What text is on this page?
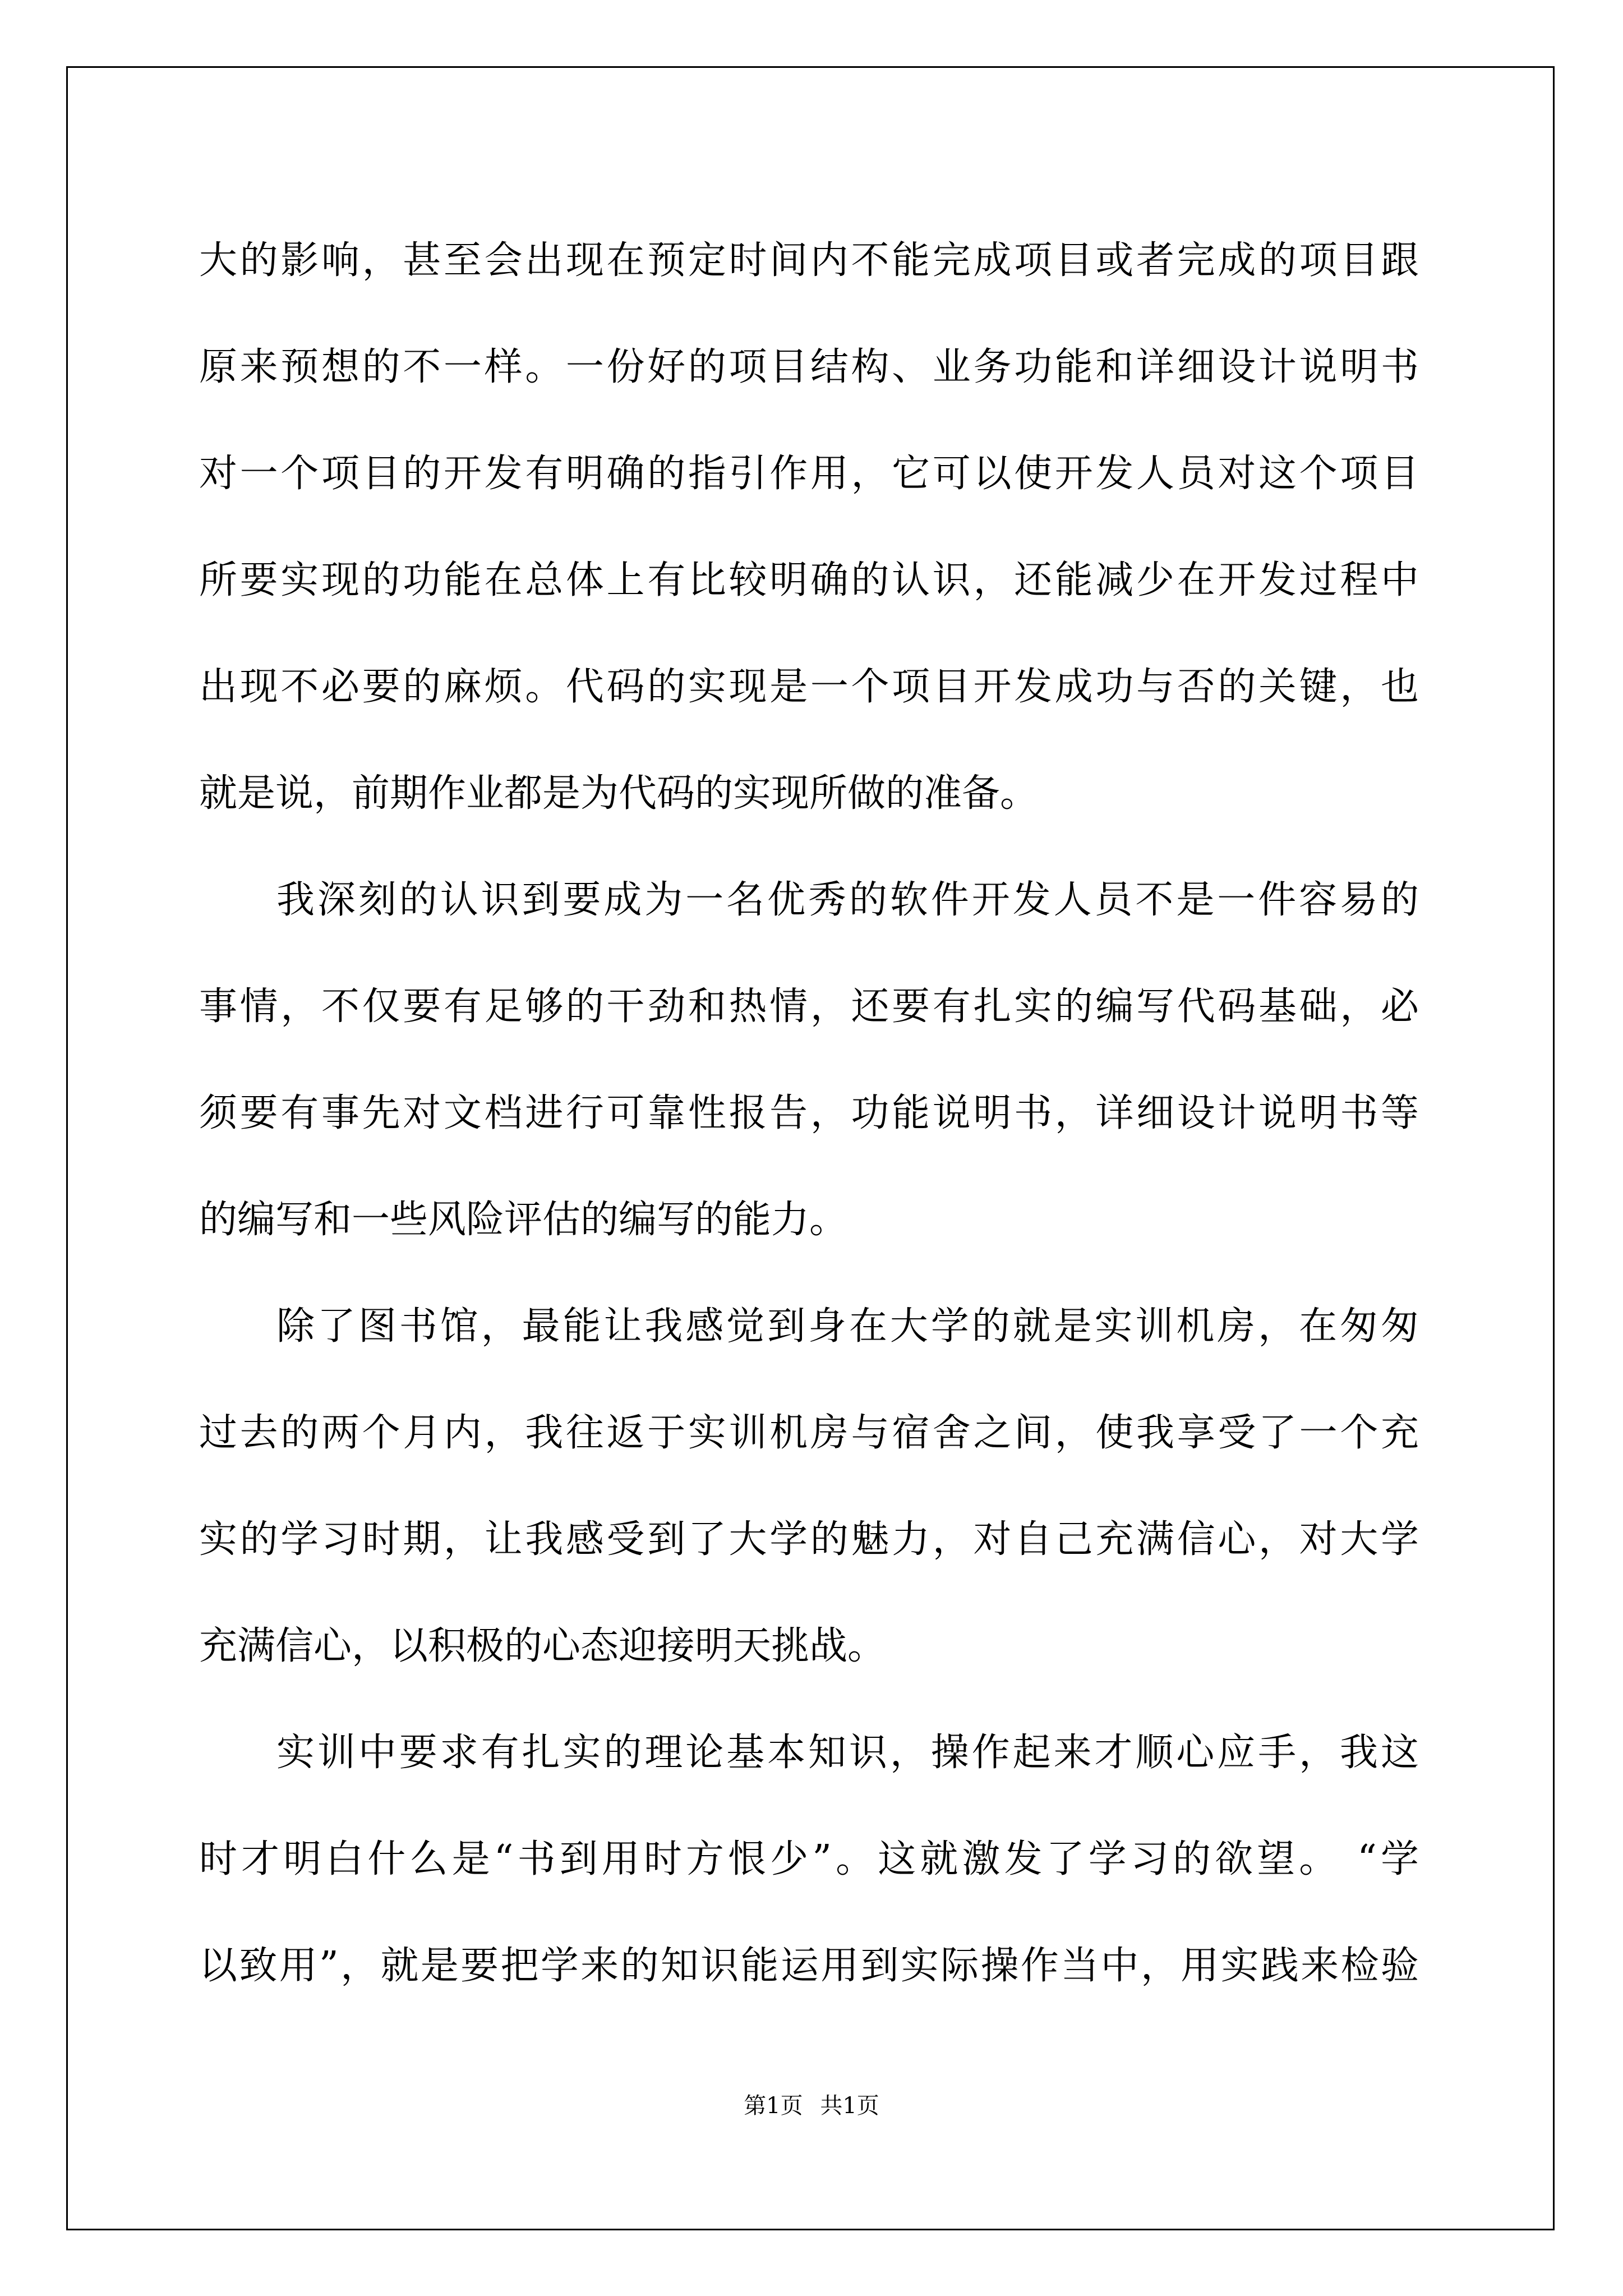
大的影响，甚至会出现在预定时间内不能完成项目或者完成的项目跟
原来预想的不一样。一份好的项目结构、业务功能和详细设计说明书
对一个项目的开发有明确的指引作用，它可以使开发人员对这个项目
所要实现的功能在总体上有比较明确的认识，还能减少在开发过程中
出现不必要的麻烦。代码的实现是一个项目开发成功与否的关键，也
就是说，前期作业都是为代码的实现所做的准备。
我深刻的认识到要成为一名优秀的软件开发人员不是一件容易的
事情，不仅要有足够的干劲和热情，还要有扎实的编写代码基础，必
须要有事先对文档进行可靠性报告，功能说明书，详细设计说明书等
的编写和一些风险评估的编写的能力。
除了图书馆，最能让我感觉到身在大学的就是实训机房，在匆匆
过去的两个月内，我往返于实训机房与宿舍之间，使我享受了一个充
实的学习时期，让我感受到了大学的魅力，对自己充满信心，对大学
充满信心，以积极的心态迎接明天挑战。
实训中要求有扎实的理论基本知识，操作起来才顺心应手，我这
时才明白什么是“书到用时方恨少”。这就激发了学习的欲望。 “学
以致用”，就是要把学来的知识能运用到实际操作当中，用实践来检验
第1页 共1页
